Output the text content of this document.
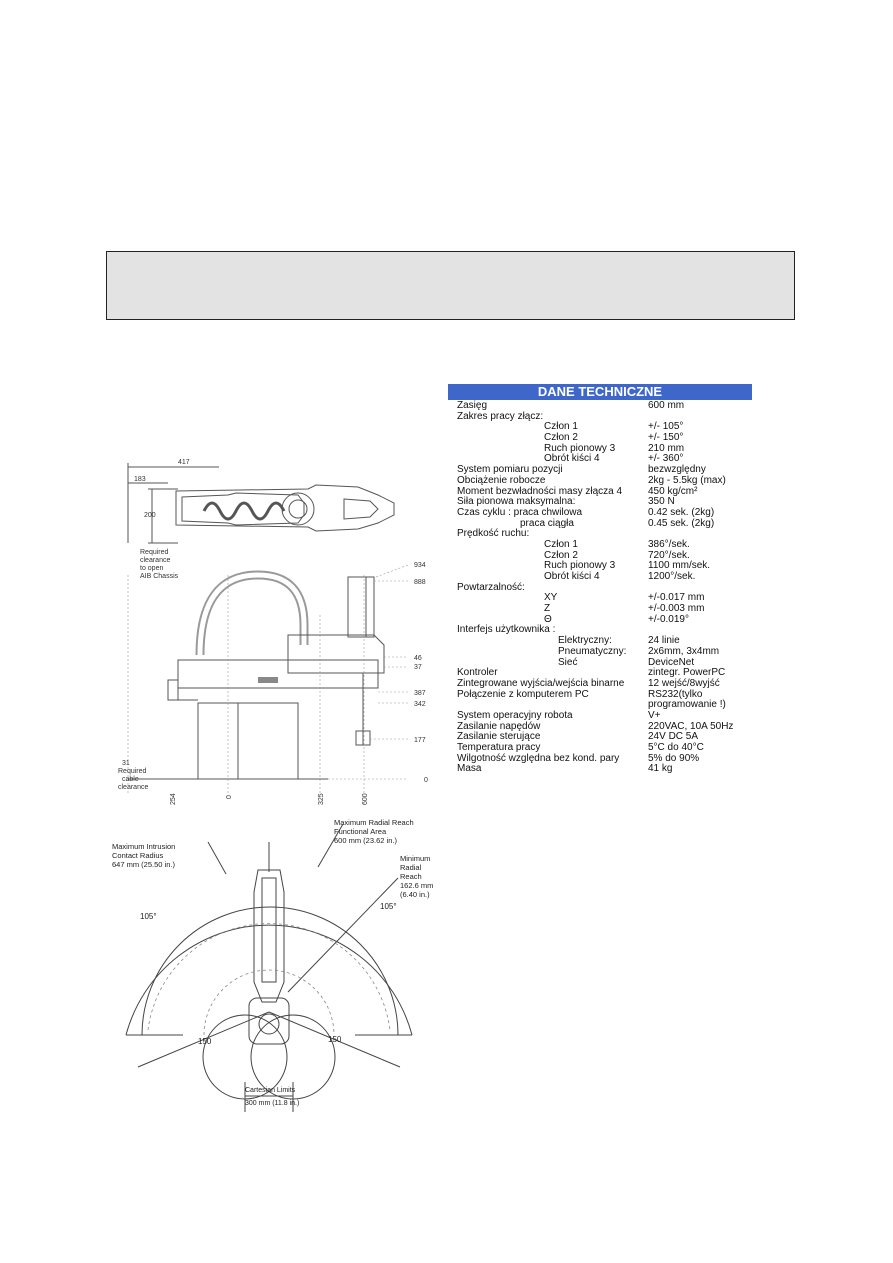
417
183
200
Required
clearance
to open
AIB Chassis
934
888
46
37
387
342
177
0
31
Required
cable
clearance
254	0	325	600
Maximum Intrusion
Contact Radius
647 mm (25.50 in.)
Maximum Radial Reach
Functional Area
600 mm (23.62 in.)
Minimum
Radial
Reach
162.6 mm
(6.40 in.)
105°
105°
150	150
Cartesian Limits
300 mm (11.8 in.)
DANE TECHNICZNE
Zasięg	600 mm
Zakres pracy złącz:
Człon 1	+/- 105°
Człon 2	+/- 150°
Ruch pionowy 3	210 mm
Obrót kiści 4	+/- 360°
System pomiaru pozycji	bezwzględny
Obciążenie robocze	2kg - 5.5kg (max)
Moment bezwładności masy złącza 4	450 kg/cm²
Siła pionowa maksymalna:	350 N
Czas cyklu : praca chwilowa	0.42 sek. (2kg)
praca ciągła	0.45 sek. (2kg)
Prędkość ruchu:
Człon 1	386°/sek.
Człon 2	720°/sek.
Ruch pionowy 3	1100 mm/sek.
Obrót kiści 4	1200°/sek.
Powtarzalność:
XY	+/-0.017 mm
Z	+/-0.003 mm
Θ	+/-0.019°
Interfejs użytkownika :
Elektryczny:	24 linie
Pneumatyczny: 2x6mm, 3x4mm
Sieć	DeviceNet
Kontroler	zintegr. PowerPC
Zintegrowane wyjścia/wejścia binarne 12 wejść/8wyjść
Połączenie z komputerem PC	RS232(tylko
programowanie !)
System operacyjny robota	V+
Zasilanie napędów	220VAC, 10A 50Hz
Zasilanie sterujące	24V DC 5A
Temperatura pracy	5°C do 40°C
Wilgotność względna bez kond. pary	5% do 90%
Masa	41 kg
